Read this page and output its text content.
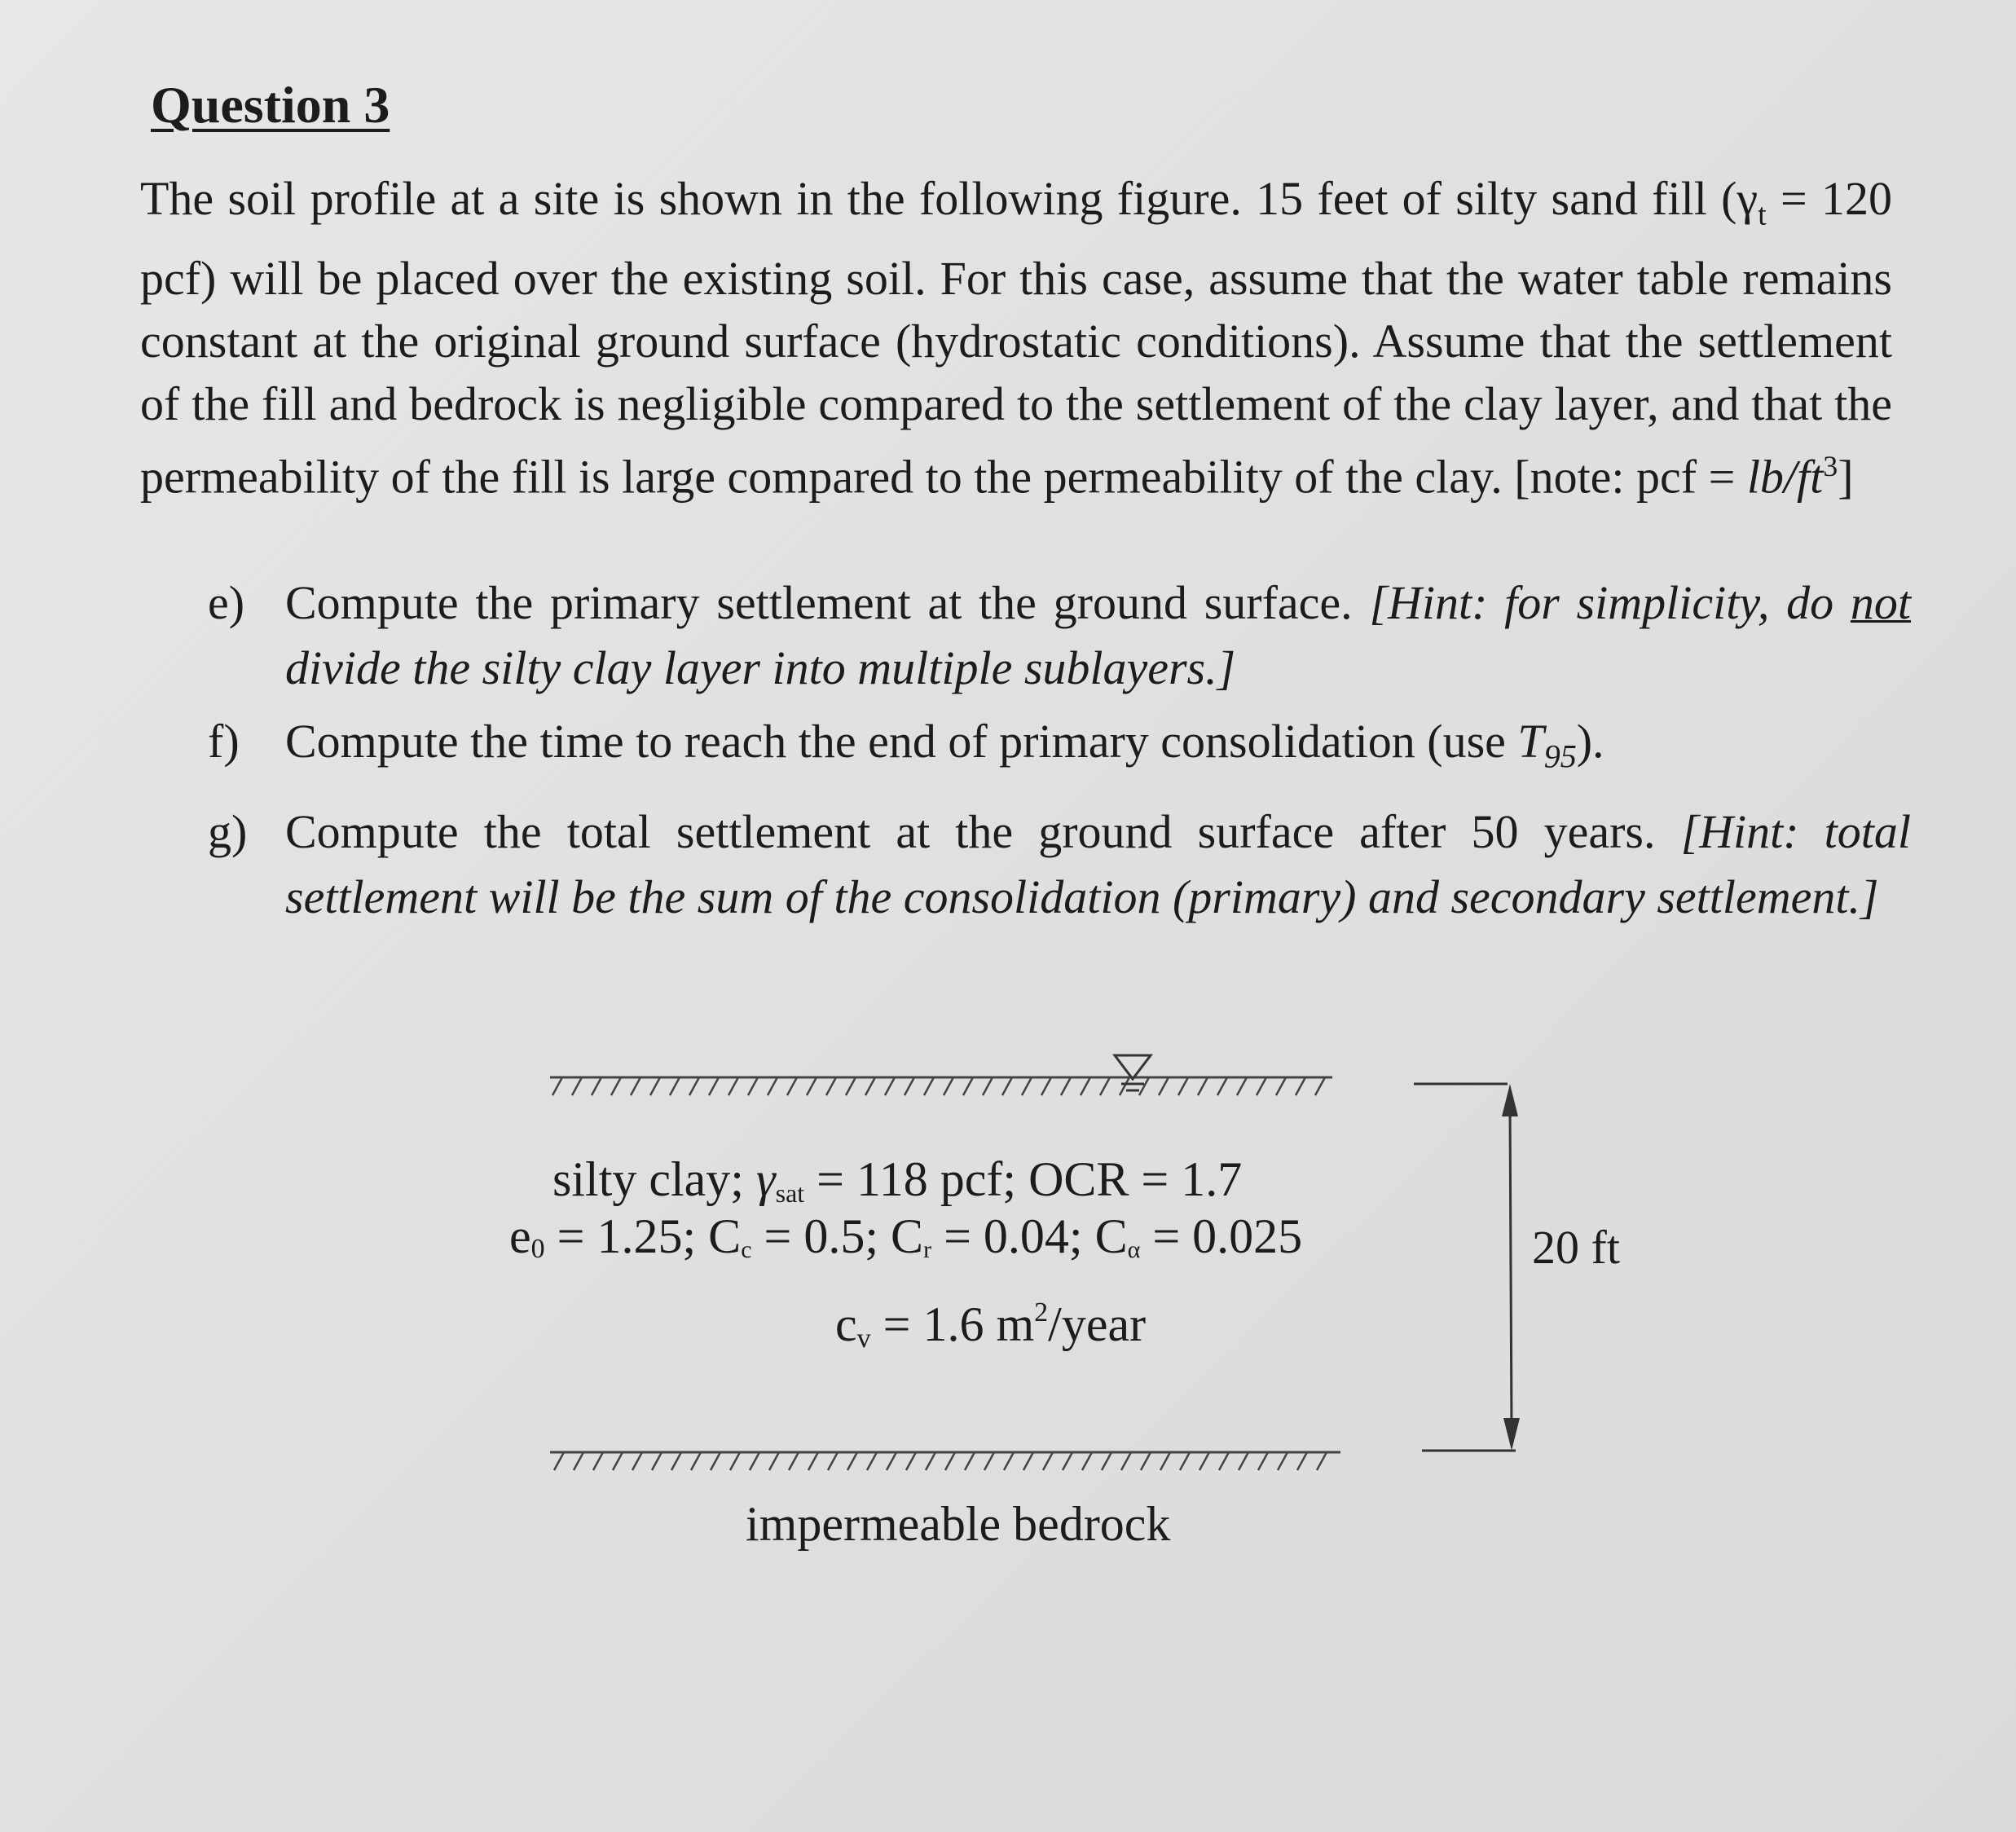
Question 3
The soil profile at a site is shown in the following figure. 15 feet of silty sand fill ($\gamma_t = 120$ pcf) will be placed over the existing soil. For this case, assume that the water table remains constant at the original ground surface (hydrostatic conditions). Assume that the settlement of the fill and bedrock is negligible compared to the settlement of the clay layer, and that the permeability of the fill is large compared to the permeability of the clay. [note: pcf = $lb/ft^3$]
e) Compute the primary settlement at the ground surface. [Hint: for simplicity, do not divide the silty clay layer into multiple sublayers.]
f) Compute the time to reach the end of primary consolidation (use $T_{95}$).
g) Compute the total settlement at the ground surface after 50 years. [Hint: total settlement will be the sum of the consolidation (primary) and secondary settlement.]
20 ft
silty clay; γsat = 118 pcf; OCR = 1.7
e0 = 1.25; Cc = 0.5; Cr = 0.04; Cα = 0.025
cv = 1.6 $m^2$/year
impermeable bedrock
